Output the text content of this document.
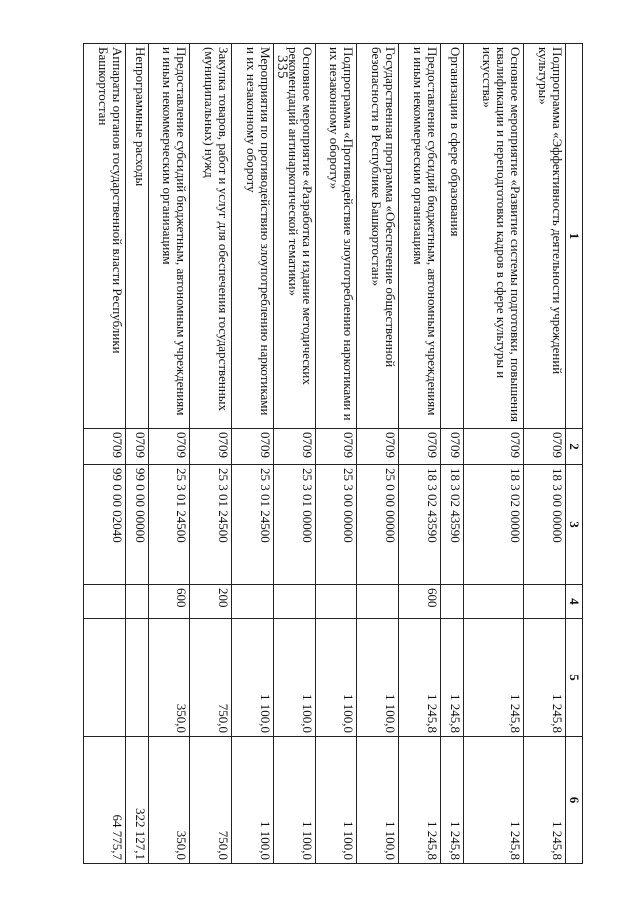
335
1	2	3	4	5	6
Подпрограмма «Эффективность деятельности учреждений культуры»	0709	18 3 00 00000		1 245,8	1 245,8
Основное мероприятие «Развитие системы подготовки, повышения квалификации и переподготовки кадров в сфере культуры и искусства»	0709	18 3 02 00000		1 245,8	1 245,8
Организации в сфере образования	0709	18 3 02 43590		1 245,8	1 245,8
Предоставление субсидий бюджетным, автономным учреждениям и иным некоммерческим организациям	0709	18 3 02 43590	600	1 245,8	1 245,8
Государственная программа «Обеспечение общественной безопасности в Республике Башкортостан»	0709	25 0 00 00000		1 100,0	1 100,0
Подпрограмма «Противодействие злоупотреблению наркотиками и их незаконному обороту»	0709	25 3 00 00000		1 100,0	1 100,0
Основное мероприятие «Разработка и издание методических рекомендаций антинаркотической тематики»	0709	25 3 01 00000		1 100,0	1 100,0
Мероприятия по противодействию злоупотреблению наркотиками и их незаконному обороту	0709	25 3 01 24500		1 100,0	1 100,0
Закупка товаров, работ и услуг для обеспечения государственных (муниципальных) нужд	0709	25 3 01 24500	200	750,0	750,0
Предоставление субсидий бюджетным, автономным учреждениям и иным некоммерческим организациям	0709	25 3 01 24500	600	350,0	350,0
Непрограммные расходы	0709	99 0 00 00000			322 127,1
Аппараты органов государственной власти Республики Башкортостан	0709	99 0 00 02040			64 775,7
